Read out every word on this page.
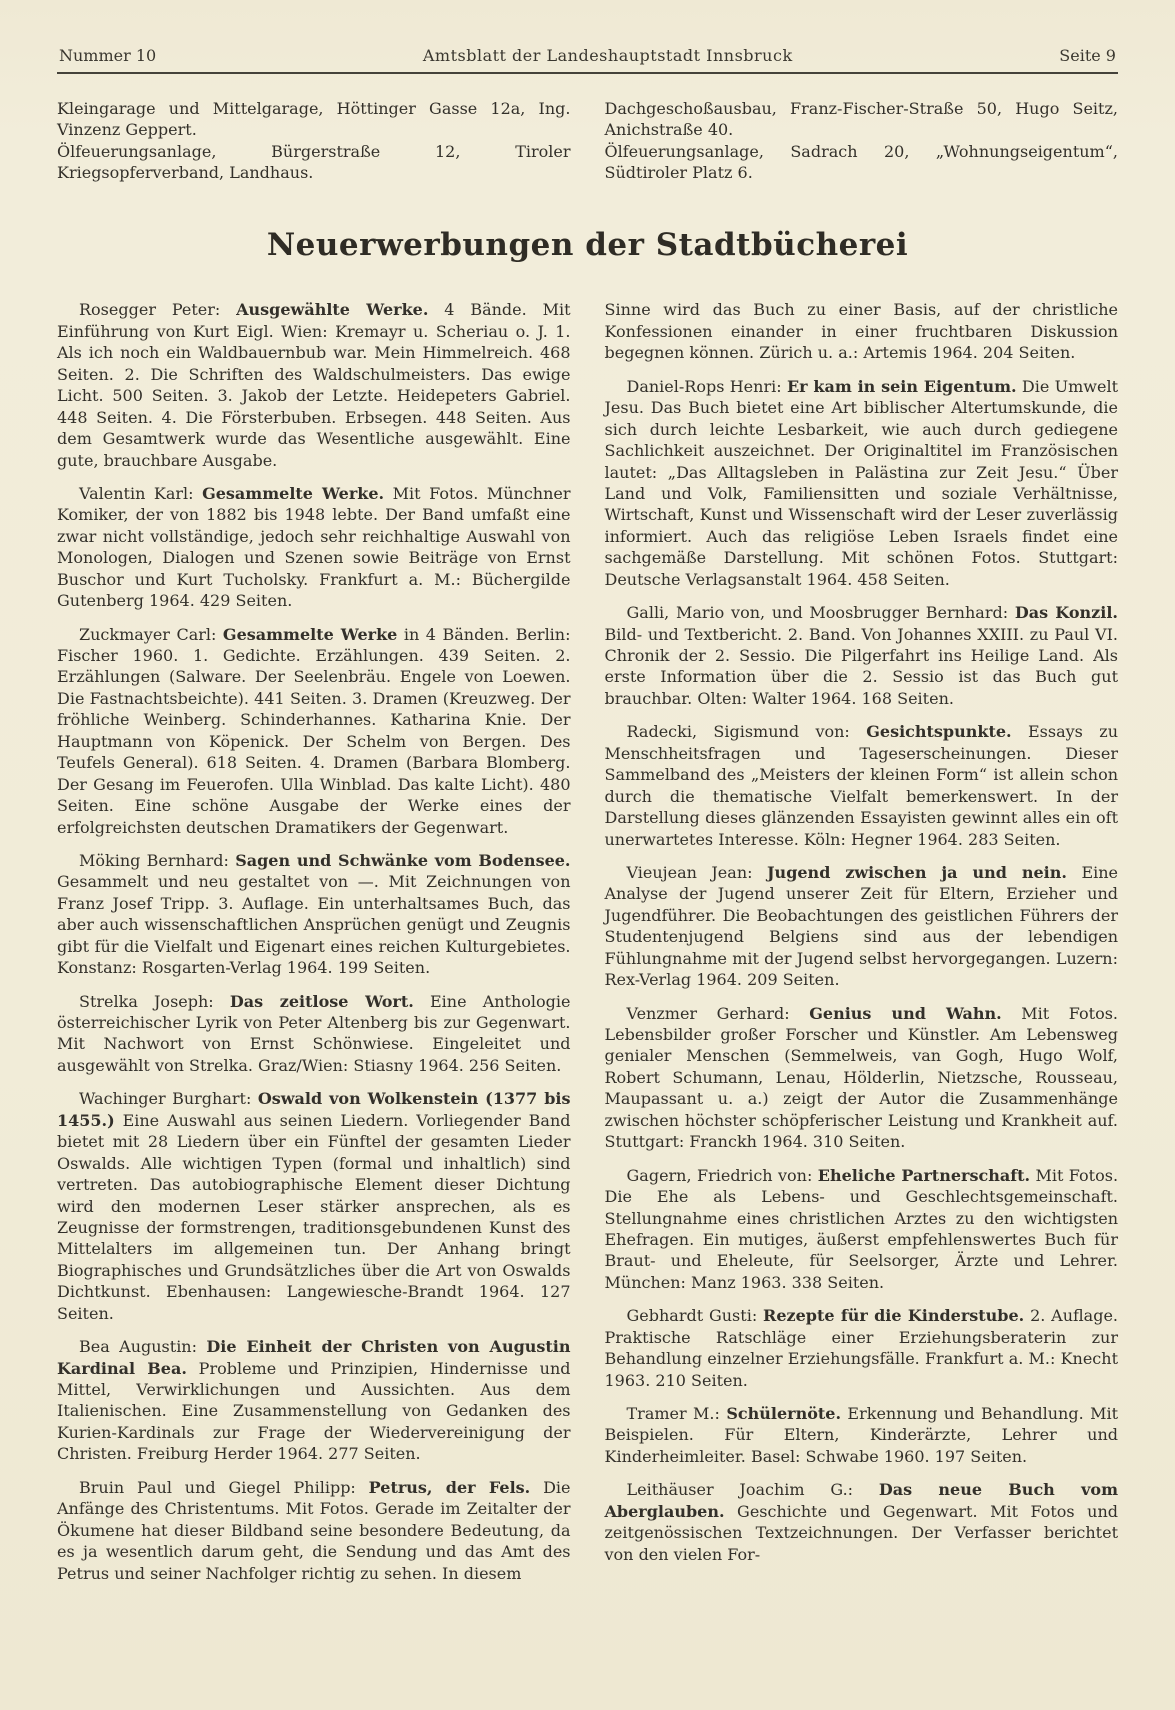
Nummer 10	Amtsblatt der Landeshauptstadt Innsbruck	Seite 9

Kleingarage und Mittelgarage, Höttinger Gasse 12a, Ing. Vinzenz Geppert.

Ölfeuerungsanlage, Bürgerstraße 12, Tiroler Kriegsopferverband, Landhaus.

Dachgeschoßausbau, Franz-Fischer-Straße 50, Hugo Seitz, Anichstraße 40.

Ölfeuerungsanlage, Sadrach 20, „Wohnungseigentum“, Südtiroler Platz 6.

Neuerwerbungen der Stadtbücherei

Rosegger Peter: Ausgewählte Werke. 4 Bände. Mit Einführung von Kurt Eigl. Wien: Kremayr u. Scheriau o. J. 1. Als ich noch ein Waldbauernbub war. Mein Himmelreich. 468 Seiten. 2. Die Schriften des Waldschulmeisters. Das ewige Licht. 500 Seiten. 3. Jakob der Letzte. Heidepeters Gabriel. 448 Seiten. 4. Die Försterbuben. Erbsegen. 448 Seiten. Aus dem Gesamtwerk wurde das Wesentliche ausgewählt. Eine gute, brauchbare Ausgabe.

Valentin Karl: Gesammelte Werke. Mit Fotos. Münchner Komiker, der von 1882 bis 1948 lebte. Der Band umfaßt eine zwar nicht vollständige, jedoch sehr reichhaltige Auswahl von Monologen, Dialogen und Szenen sowie Beiträge von Ernst Buschor und Kurt Tucholsky. Frankfurt a. M.: Büchergilde Gutenberg 1964. 429 Seiten.

Zuckmayer Carl: Gesammelte Werke in 4 Bänden. Berlin: Fischer 1960. 1. Gedichte. Erzählungen. 439 Seiten. 2. Erzählungen (Salware. Der Seelenbräu. Engele von Loewen. Die Fastnachtsbeichte). 441 Seiten. 3. Dramen (Kreuzweg. Der fröhliche Weinberg. Schinderhannes. Katharina Knie. Der Hauptmann von Köpenick. Der Schelm von Bergen. Des Teufels General). 618 Seiten. 4. Dramen (Barbara Blomberg. Der Gesang im Feuerofen. Ulla Winblad. Das kalte Licht). 480 Seiten. Eine schöne Ausgabe der Werke eines der erfolgreichsten deutschen Dramatikers der Gegenwart.

Möking Bernhard: Sagen und Schwänke vom Bodensee. Gesammelt und neu gestaltet von —. Mit Zeichnungen von Franz Josef Tripp. 3. Auflage. Ein unterhaltsames Buch, das aber auch wissenschaftlichen Ansprüchen genügt und Zeugnis gibt für die Vielfalt und Eigenart eines reichen Kulturgebietes. Konstanz: Rosgarten-Verlag 1964. 199 Seiten.

Strelka Joseph: Das zeitlose Wort. Eine Anthologie österreichischer Lyrik von Peter Altenberg bis zur Gegenwart. Mit Nachwort von Ernst Schönwiese. Eingeleitet und ausgewählt von Strelka. Graz/Wien: Stiasny 1964. 256 Seiten.

Wachinger Burghart: Oswald von Wolkenstein (1377 bis 1455.) Eine Auswahl aus seinen Liedern. Vorliegender Band bietet mit 28 Liedern über ein Fünftel der gesamten Lieder Oswalds. Alle wichtigen Typen (formal und inhaltlich) sind vertreten. Das autobiographische Element dieser Dichtung wird den modernen Leser stärker ansprechen, als es Zeugnisse der formstrengen, traditionsgebundenen Kunst des Mittelalters im allgemeinen tun. Der Anhang bringt Biographisches und Grundsätzliches über die Art von Oswalds Dichtkunst. Ebenhausen: Langewiesche-Brandt 1964. 127 Seiten.

Bea Augustin: Die Einheit der Christen von Augustin Kardinal Bea. Probleme und Prinzipien, Hindernisse und Mittel, Verwirklichungen und Aussichten. Aus dem Italienischen. Eine Zusammenstellung von Gedanken des Kurien-Kardinals zur Frage der Wiedervereinigung der Christen. Freiburg Herder 1964. 277 Seiten.

Bruin Paul und Giegel Philipp: Petrus, der Fels. Die Anfänge des Christentums. Mit Fotos. Gerade im Zeitalter der Ökumene hat dieser Bildband seine besondere Bedeutung, da es ja wesentlich darum geht, die Sendung und das Amt des Petrus und seiner Nachfolger richtig zu sehen. In diesem

Sinne wird das Buch zu einer Basis, auf der christliche Konfessionen einander in einer fruchtbaren Diskussion begegnen können. Zürich u. a.: Artemis 1964. 204 Seiten.

Daniel-Rops Henri: Er kam in sein Eigentum. Die Umwelt Jesu. Das Buch bietet eine Art biblischer Altertumskunde, die sich durch leichte Lesbarkeit, wie auch durch gediegene Sachlichkeit auszeichnet. Der Originaltitel im Französischen lautet: „Das Alltagsleben in Palästina zur Zeit Jesu.“ Über Land und Volk, Familiensitten und soziale Verhältnisse, Wirtschaft, Kunst und Wissenschaft wird der Leser zuverlässig informiert. Auch das religiöse Leben Israels findet eine sachgemäße Darstellung. Mit schönen Fotos. Stuttgart: Deutsche Verlagsanstalt 1964. 458 Seiten.

Galli, Mario von, und Moosbrugger Bernhard: Das Konzil. Bild- und Textbericht. 2. Band. Von Johannes XXIII. zu Paul VI. Chronik der 2. Sessio. Die Pilgerfahrt ins Heilige Land. Als erste Information über die 2. Sessio ist das Buch gut brauchbar. Olten: Walter 1964. 168 Seiten.

Radecki, Sigismund von: Gesichtspunkte. Essays zu Menschheitsfragen und Tageserscheinungen. Dieser Sammelband des „Meisters der kleinen Form“ ist allein schon durch die thematische Vielfalt bemerkenswert. In der Darstellung dieses glänzenden Essayisten gewinnt alles ein oft unerwartetes Interesse. Köln: Hegner 1964. 283 Seiten.

Vieujean Jean: Jugend zwischen ja und nein. Eine Analyse der Jugend unserer Zeit für Eltern, Erzieher und Jugendführer. Die Beobachtungen des geistlichen Führers der Studentenjugend Belgiens sind aus der lebendigen Fühlungnahme mit der Jugend selbst hervorgegangen. Luzern: Rex-Verlag 1964. 209 Seiten.

Venzmer Gerhard: Genius und Wahn. Mit Fotos. Lebensbilder großer Forscher und Künstler. Am Lebensweg genialer Menschen (Semmelweis, van Gogh, Hugo Wolf, Robert Schumann, Lenau, Hölderlin, Nietzsche, Rousseau, Maupassant u. a.) zeigt der Autor die Zusammenhänge zwischen höchster schöpferischer Leistung und Krankheit auf. Stuttgart: Franckh 1964. 310 Seiten.

Gagern, Friedrich von: Eheliche Partnerschaft. Mit Fotos. Die Ehe als Lebens- und Geschlechtsgemeinschaft. Stellungnahme eines christlichen Arztes zu den wichtigsten Ehefragen. Ein mutiges, äußerst empfehlenswertes Buch für Braut- und Eheleute, für Seelsorger, Ärzte und Lehrer. München: Manz 1963. 338 Seiten.

Gebhardt Gusti: Rezepte für die Kinderstube. 2. Auflage. Praktische Ratschläge einer Erziehungsberaterin zur Behandlung einzelner Erziehungsfälle. Frankfurt a. M.: Knecht 1963. 210 Seiten.

Tramer M.: Schülernöte. Erkennung und Behandlung. Mit Beispielen. Für Eltern, Kinderärzte, Lehrer und Kinderheimleiter. Basel: Schwabe 1960. 197 Seiten.

Leithäuser Joachim G.: Das neue Buch vom Aberglauben. Geschichte und Gegenwart. Mit Fotos und zeitgenössischen Textzeichnungen. Der Verfasser berichtet von den vielen For-
